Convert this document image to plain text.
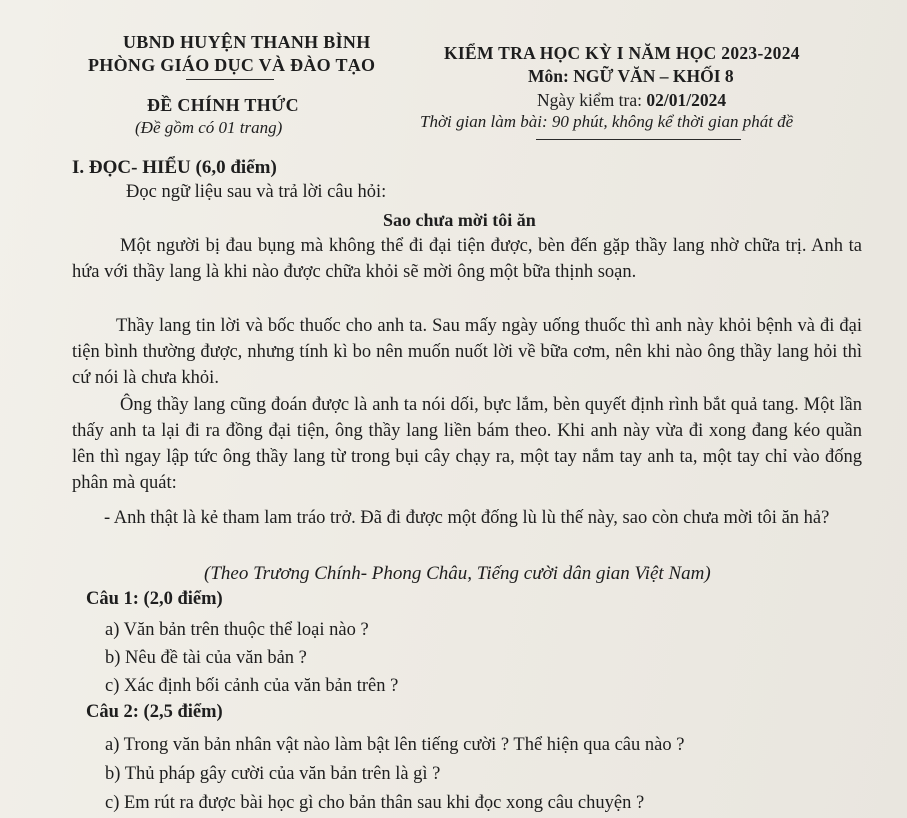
UBND HUYỆN THANH BÌNH
PHÒNG GIÁO DỤC VÀ ĐÀO TẠO
ĐỀ CHÍNH THỨC
(Đề gồm có 01 trang)
KIỂM TRA HỌC KỲ I NĂM HỌC 2023-2024
Môn: NGỮ VĂN – KHỐI 8
Ngày kiểm tra: 02/01/2024
Thời gian làm bài: 90 phút, không kể thời gian phát đề
I. ĐỌC- HIỂU (6,0 điểm)
Đọc ngữ liệu sau và trả lời câu hỏi:
Sao chưa mời tôi ăn
Một người bị đau bụng mà không thể đi đại tiện được, bèn đến gặp thầy lang nhờ chữa trị. Anh ta hứa với thầy lang là khi nào được chữa khỏi sẽ mời ông một bữa thịnh soạn.
Thầy lang tin lời và bốc thuốc cho anh ta. Sau mấy ngày uống thuốc thì anh này khỏi bệnh và đi đại tiện bình thường được, nhưng tính kì bo nên muốn nuốt lời về bữa cơm, nên khi nào ông thầy lang hỏi thì cứ nói là chưa khỏi.
Ông thầy lang cũng đoán được là anh ta nói dối, bực lắm, bèn quyết định rình bắt quả tang. Một lần thấy anh ta lại đi ra đồng đại tiện, ông thầy lang liền bám theo. Khi anh này vừa đi xong đang kéo quần lên thì ngay lập tức ông thầy lang từ trong bụi cây chạy ra, một tay nắm tay anh ta, một tay chỉ vào đống phân mà quát:
- Anh thật là kẻ tham lam tráo trở. Đã đi được một đống lù lù thế này, sao còn chưa mời tôi ăn hả?
(Theo Trương Chính- Phong Châu, Tiếng cười dân gian Việt Nam)
Câu 1: (2,0 điểm)
a) Văn bản trên thuộc thể loại nào ?
b) Nêu đề tài của văn bản ?
c) Xác định bối cảnh của văn bản trên ?
Câu 2: (2,5 điểm)
a) Trong văn bản nhân vật nào làm bật lên tiếng cười ? Thể hiện qua câu nào ?
b) Thủ pháp gây cười của văn bản trên là gì ?
c) Em rút ra được bài học gì cho bản thân sau khi đọc xong câu chuyện ?
